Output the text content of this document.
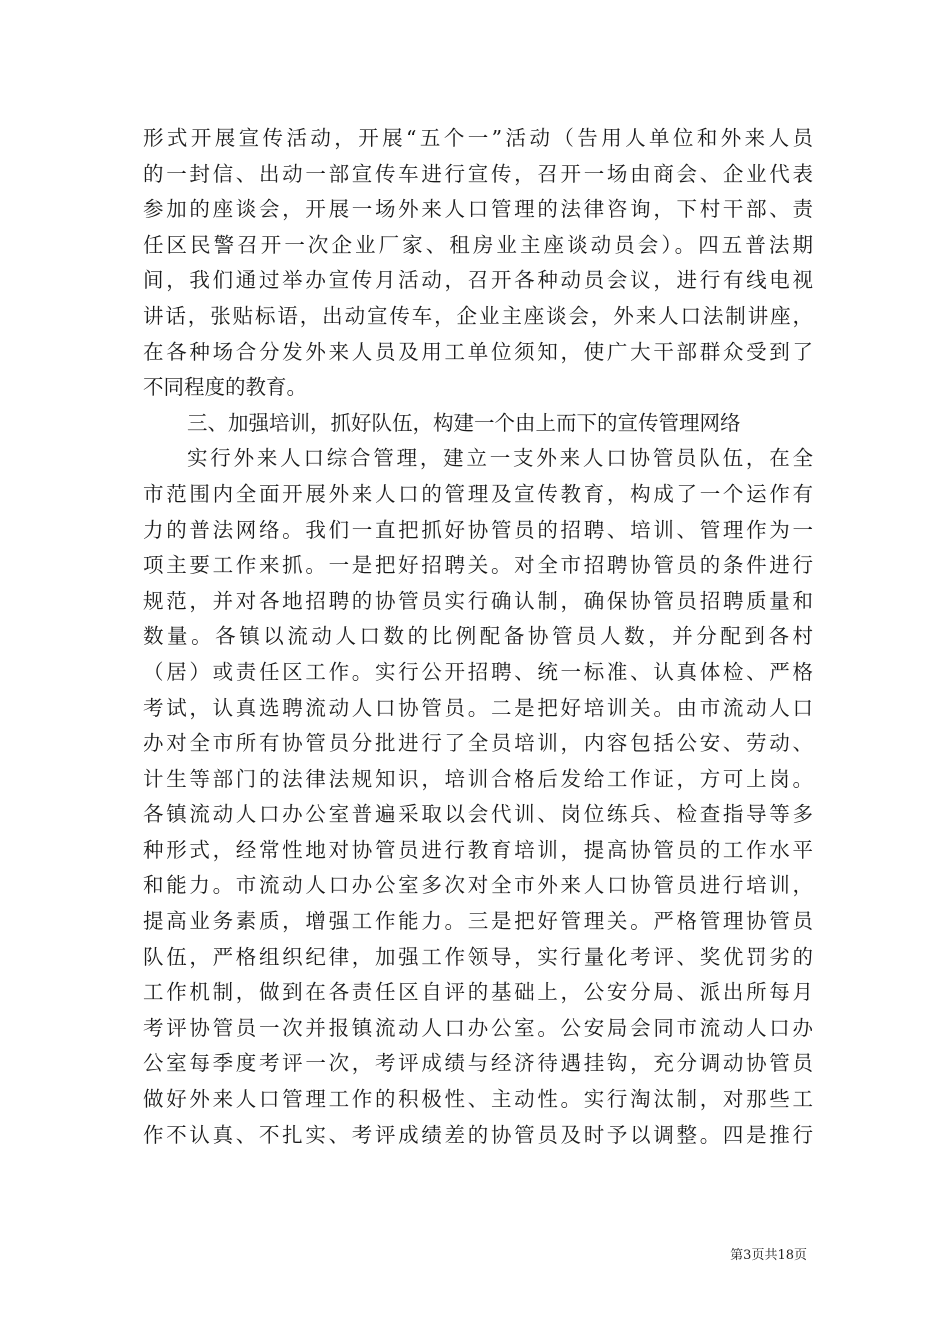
形式开展宣传活动，开展“五个一”活动（告用人单位和外来人员
的一封信、出动一部宣传车进行宣传，召开一场由商会、企业代表
参加的座谈会，开展一场外来人口管理的法律咨询，下村干部、责
任区民警召开一次企业厂家、租房业主座谈动员会）。四五普法期
间，我们通过举办宣传月活动，召开各种动员会议，进行有线电视
讲话，张贴标语，出动宣传车，企业主座谈会，外来人口法制讲座，
在各种场合分发外来人员及用工单位须知，使广大干部群众受到了
不同程度的教育。
三、加强培训，抓好队伍，构建一个由上而下的宣传管理网络
实行外来人口综合管理，建立一支外来人口协管员队伍，在全
市范围内全面开展外来人口的管理及宣传教育，构成了一个运作有
力的普法网络。我们一直把抓好协管员的招聘、培训、管理作为一
项主要工作来抓。一是把好招聘关。对全市招聘协管员的条件进行
规范，并对各地招聘的协管员实行确认制，确保协管员招聘质量和
数量。各镇以流动人口数的比例配备协管员人数，并分配到各村
（居）或责任区工作。实行公开招聘、统一标准、认真体检、严格
考试，认真选聘流动人口协管员。二是把好培训关。由市流动人口
办对全市所有协管员分批进行了全员培训，内容包括公安、劳动、
计生等部门的法律法规知识，培训合格后发给工作证，方可上岗。
各镇流动人口办公室普遍采取以会代训、岗位练兵、检查指导等多
种形式，经常性地对协管员进行教育培训，提高协管员的工作水平
和能力。市流动人口办公室多次对全市外来人口协管员进行培训，
提高业务素质，增强工作能力。三是把好管理关。严格管理协管员
队伍，严格组织纪律，加强工作领导，实行量化考评、奖优罚劣的
工作机制，做到在各责任区自评的基础上，公安分局、派出所每月
考评协管员一次并报镇流动人口办公室。公安局会同市流动人口办
公室每季度考评一次，考评成绩与经济待遇挂钩，充分调动协管员
做好外来人口管理工作的积极性、主动性。实行淘汰制，对那些工
作不认真、不扎实、考评成绩差的协管员及时予以调整。四是推行
第3页共18页
